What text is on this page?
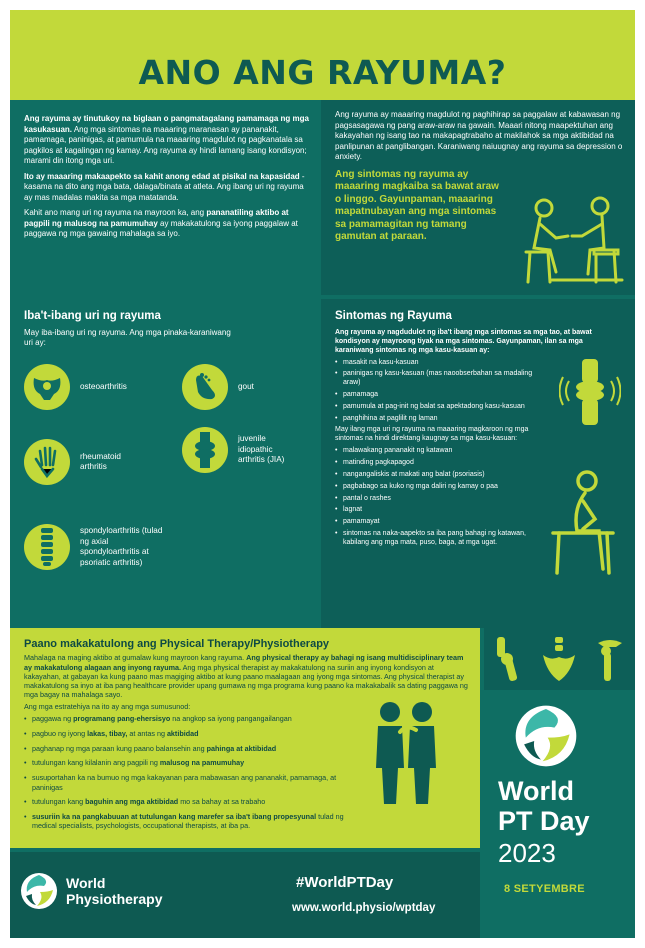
ANO ANG RAYUMA?

Ang rayuma ay tinutukoy na biglaan o pangmatagalang pamamaga ng mga kasukasuan. Ang mga sintomas na maaaring maranasan ay pananakit, pamamaga, paninigas, at pamumula na maaaring magdulot ng pagkanatala sa pagkilos at kagalingan ng kamay. Ang rayuma ay hindi lamang isang kondisyon; marami din itong mga uri.

Ito ay maaaring makaapekto sa kahit anong edad at pisikal na kapasidad - kasama na dito ang mga bata, dalaga/binata at atleta. Ang ibang uri ng rayuma ay mas madalas makita sa mga matatanda.

Kahit ano mang uri ng rayuma na mayroon ka, ang pananatiling aktibo at pagpili ng malusog na pamumuhay ay makakatulong sa iyong paggalaw at paggawa ng mga gawaing mahalaga sa iyo.

Ang rayuma ay maaaring magdulot ng paghihirap sa paggalaw at kabawasan ng pagsasagawa ng pang araw-araw na gawain. Maaari nitong maapektuhan ang kakayahan ng isang tao na makapagtrabaho at makilahok sa mga aktibidad na panlipunan at panglibangan. Karaniwang naiuugnay ang rayuma sa depression o anxiety.

Ang sintomas ng rayuma ay maaaring magkaiba sa bawat araw o linggo. Gayunpaman, maaaring mapatnubayan ang mga sintomas sa pamamagitan ng tamang gamutan at paraan.

Iba't-ibang uri ng rayuma

May iba-ibang uri ng rayuma. Ang mga pinaka-karaniwang uri ay:

osteoarthritis	gout
rheumatoid arthritis
juvenile idiopathic arthritis (JIA)
spondyloarthritis (tulad ng axial spondyloarthritis at psoriatic arthritis)
Sintomas ng Rayuma

Ang rayuma ay nagdudulot ng iba't ibang mga sintomas sa mga tao, at bawat kondisyon ay mayroong tiyak na mga sintomas. Gayunpaman, ilan sa mga karaniwang sintomas ng mga kasu-kasuan ay:

• masakit na kasu-kasuan
• paninigas ng kasu-kasuan (mas naoobserbahan sa madaling araw)
• pamamaga
• pamumula at pag-init ng balat sa apektadong kasu-kasuan
• panghihina at paglilit ng laman

May ilang mga uri ng rayuma na maaaring magkaroon ng mga sintomas na hindi direktang kaugnay sa mga kasu-kasuan:

• malawakang pananakit ng katawan
• matinding pagkapagod
• nangangaliskis at makati ang balat (psoriasis)
• pagbabago sa kuko ng mga daliri ng kamay o paa
• pantal o rashes
• lagnat
• pamamayat
• sintomas na naka-aapekto sa iba pang bahagi ng katawan, kabilang ang mga mata, puso, baga, at mga ugat.
Paano makakatulong ang Physical Therapy/Physiotherapy

Mahalaga na maging aktibo at gumalaw kung mayroon kang rayuma. Ang physical therapy ay bahagi ng isang multidisciplinary team ay makakatulong alagaan ang inyong rayuma. Ang mga physical therapist ay makakatulong na suriin ang inyong kondisyon at kakayahan, at gabayan ka kung paano mas magiging aktibo at kung paano maalagaan ang iyong mga sintomas. Ang physical therapist ay makakatulong sa inyo at iba pang healthcare provider upang gumawa ng mga programa kung paano ka makakabalik sa dating paggawa ng mga bagay na mahalaga sayo.

Ang mga estratehiya na ito ay ang mga sumusunod:

• paggawa ng programang pang-ehersisyo na angkop sa iyong pangangailangan
• pagbuo ng iyong lakas, tibay, at antas ng aktibidad
• paghanap ng mga paraan kung paano balansehin ang pahinga at aktibidad
• tutulungan kang kilalanin ang pagpili ng malusog na pamumuhay
• susuportahan ka na bumuo ng mga kakayanan para mabawasan ang pananakit, pamamaga, at paninigas
• tutulungan kang baguhin ang mga aktibidad mo sa bahay at sa trabaho
• susuriin ka na pangkabuuan at tutulungan kang marefer sa iba't ibang propesyunal tulad ng medical specialists, psychologists, occupational therapists, at iba pa.
World
Physiotherapy
#WorldPTDay
www.world.physio/wptday
World
PT Day
2023
8 SETYEMBRE
